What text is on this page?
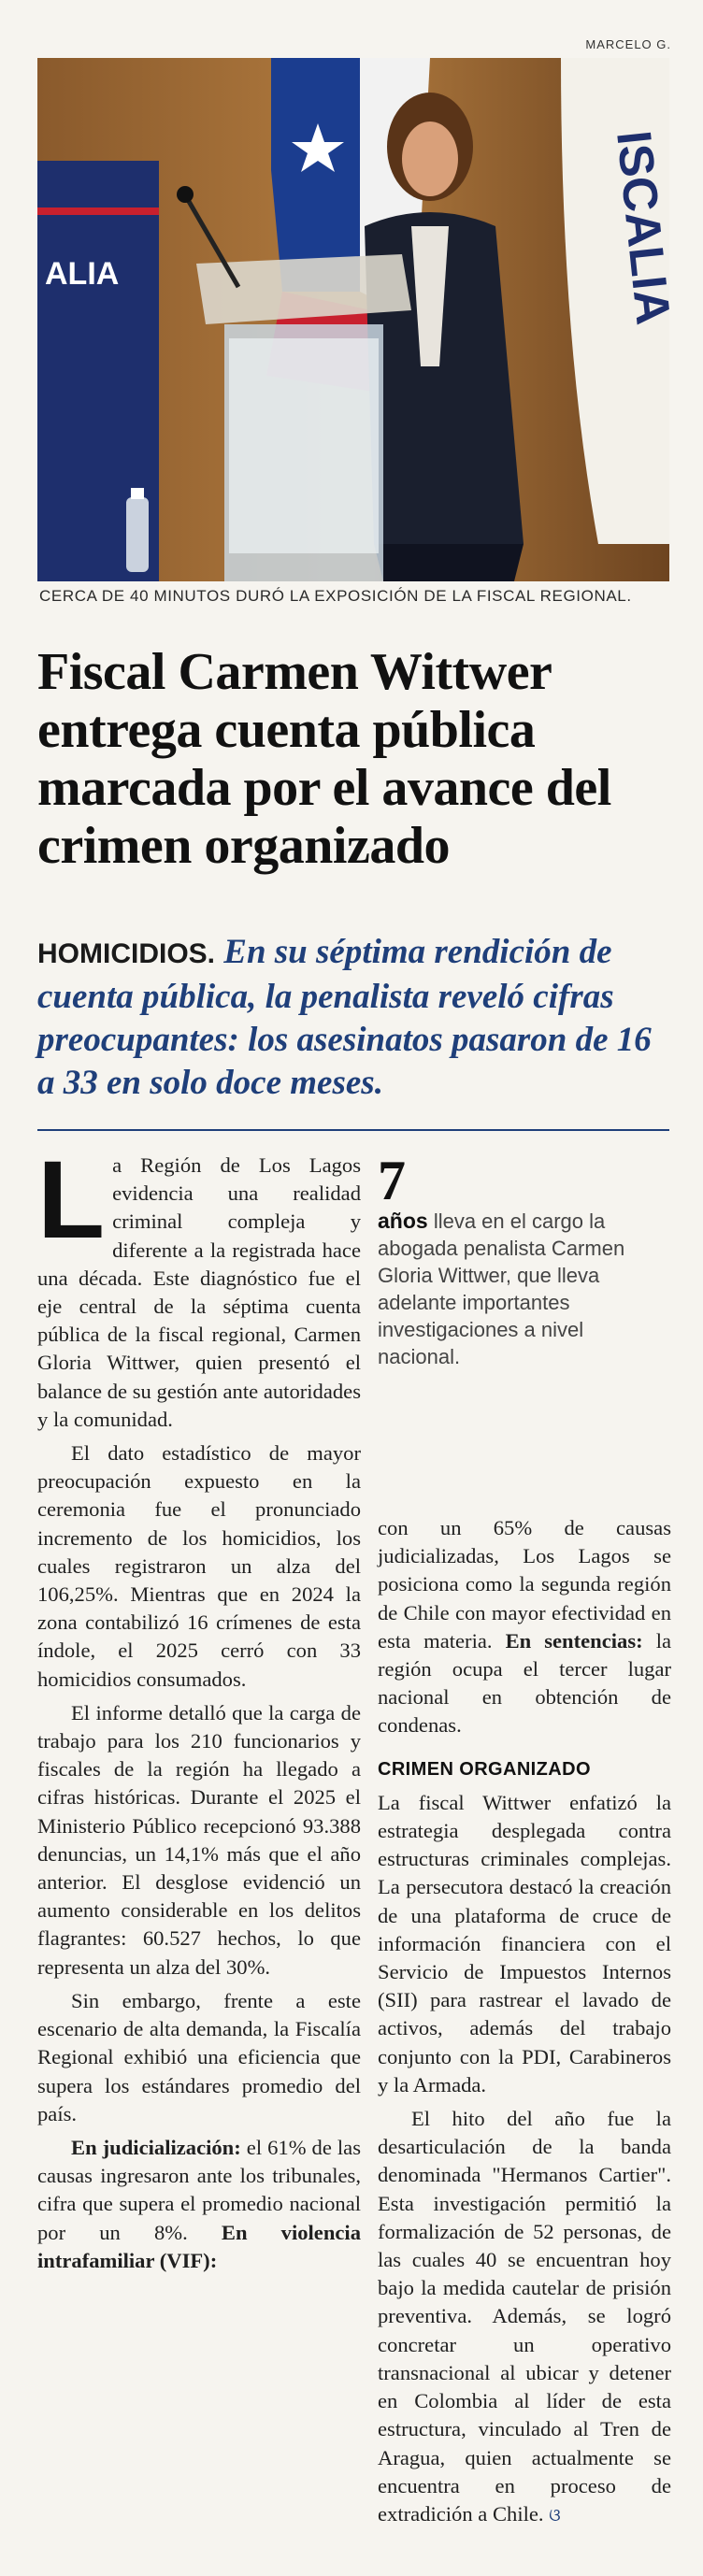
MARCELO G.
ALIA	ISCALIA
CERCA DE 40 MINUTOS DURÓ LA EXPOSICIÓN DE LA FISCAL REGIONAL.
Fiscal Carmen Wittwer entrega cuenta pública marcada por el avance del crimen organizado
HOMICIDIOS. En su séptima rendición de cuenta pública, la penalista reveló cifras preocupantes: los asesinatos pasaron de 16 a 33 en solo doce meses.
7
años lleva en el cargo la abogada penalista Carmen Gloria Wittwer, que lleva adelante importantes investigaciones a nivel nacional.

La Región de Los Lagos evidencia una realidad criminal compleja y diferente a la registrada hace una década. Este diagnóstico fue el eje central de la séptima cuenta pública de la fiscal regional, Carmen Gloria Wittwer, quien presentó el balance de su gestión ante autoridades y la comunidad.

El dato estadístico de mayor preocupación expuesto en la ceremonia fue el pronunciado incremento de los homicidios, los cuales registraron un alza del 106,25%. Mientras que en 2024 la zona contabilizó 16 crímenes de esta índole, el 2025 cerró con 33 homicidios consumados.

El informe detalló que la carga de trabajo para los 210 funcionarios y fiscales de la región ha llegado a cifras históricas. Durante el 2025 el Ministerio Público recepcionó 93.388 denuncias, un 14,1% más que el año anterior. El desglose evidenció un aumento considerable en los delitos flagrantes: 60.527 hechos, lo que representa un alza del 30%.

Sin embargo, frente a este escenario de alta demanda, la Fiscalía Regional exhibió una eficiencia que supera los estándares promedio del país.

En judicialización: el 61% de las causas ingresaron ante los tribunales, cifra que supera el promedio nacional por un 8%. En violencia intrafamiliar (VIF):

con un 65% de causas judicializadas, Los Lagos se posiciona como la segunda región de Chile con mayor efectividad en esta materia. En sentencias: la región ocupa el tercer lugar nacional en obtención de condenas.

CRIMEN ORGANIZADO

La fiscal Wittwer enfatizó la estrategia desplegada contra estructuras criminales complejas. La persecutora destacó la creación de una plataforma de cruce de información financiera con el Servicio de Impuestos Internos (SII) para rastrear el lavado de activos, además del trabajo conjunto con la PDI, Carabineros y la Armada.

El hito del año fue la desarticulación de la banda denominada "Hermanos Cartier". Esta investigación permitió la formalización de 52 personas, de las cuales 40 se encuentran hoy bajo la medida cautelar de prisión preventiva. Además, se logró concretar un operativo transnacional al ubicar y detener en Colombia al líder de esta estructura, vinculado al Tren de Aragua, quien actualmente se encuentra en proceso de extradición a Chile. ଓ
